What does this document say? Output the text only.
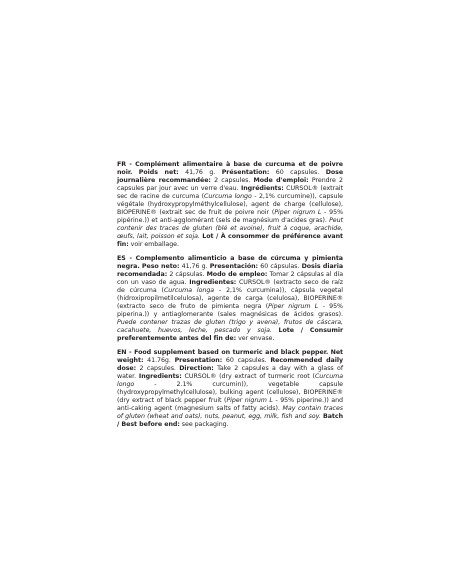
FR - Complément alimentaire à base de curcuma et de poivre noir. Poids net: 41,76 g. Présentation: 60 capsules. Dose journalière recommandée: 2 capsules. Mode d'emploi: Prendre 2 capsules par jour avec un verre d'eau. Ingrédients: CURSOL® (extrait sec de racine de curcuma (Curcuma longo - 2,1% curcumine)), capsule végétale (hydroxypropylméthylcellulose), agent de charge (cellulose), BIOPERINE® (extrait sec de fruit de poivre noir (Piper nigrum L - 95% pipérine.)) et anti-agglomérant (sels de magnésium d'acides gras). Peut contenir des traces de gluten (blé et avoine), fruit à coque, arachide, œufs, lait, poisson et soja. Lot / À consommer de préférence avant fin: voir emballage.
ES - Complemento alimenticio a base de cúrcuma y pimienta negra. Peso neto: 41,76 g. Presentación: 60 cápsulas. Dosis diaria recomendada: 2 cápsulas. Modo de empleo: Tomar 2 cápsulas al día con un vaso de agua. Ingredientes: CURSOL® (extracto seco de raíz de cúrcuma (Curcuma longa - 2,1% curcumina)), cápsula vegetal (hidroxipropilmetilcelulosa), agente de carga (celulosa), BIOPERINE® (extracto seco de fruto de pimienta negra (Piper nigrum L - 95% piperina.)) y antiaglomerante (sales magnésicas de ácidos grasos). Puede contener trazas de gluten (trigo y avena), frutos de cáscara, cacahuete, huevos, leche, pescado y soja. Lote / Consumir preferentemente antes del fin de: ver envase.
EN - Food supplement based on turmeric and black pepper. Net weight: 41.76g. Presentation: 60 capsules. Recommended daily dose: 2 capsules. Direction: Take 2 capsules a day with a glass of water. Ingredients: CURSOL® (dry extract of turmeric root (Curcuma longo - 2.1% curcumin)), vegetable capsule (hydroxypropylmethylcellulose), bulking agent (cellulose), BIOPERINE® (dry extract of black pepper fruit (Piper nigrum L - 95% piperine.)) and anti-caking agent (magnesium salts of fatty acids). May contain traces of gluten (wheat and oats), nuts, peanut, egg, milk, fish and soy. Batch / Best before end: see packaging.
